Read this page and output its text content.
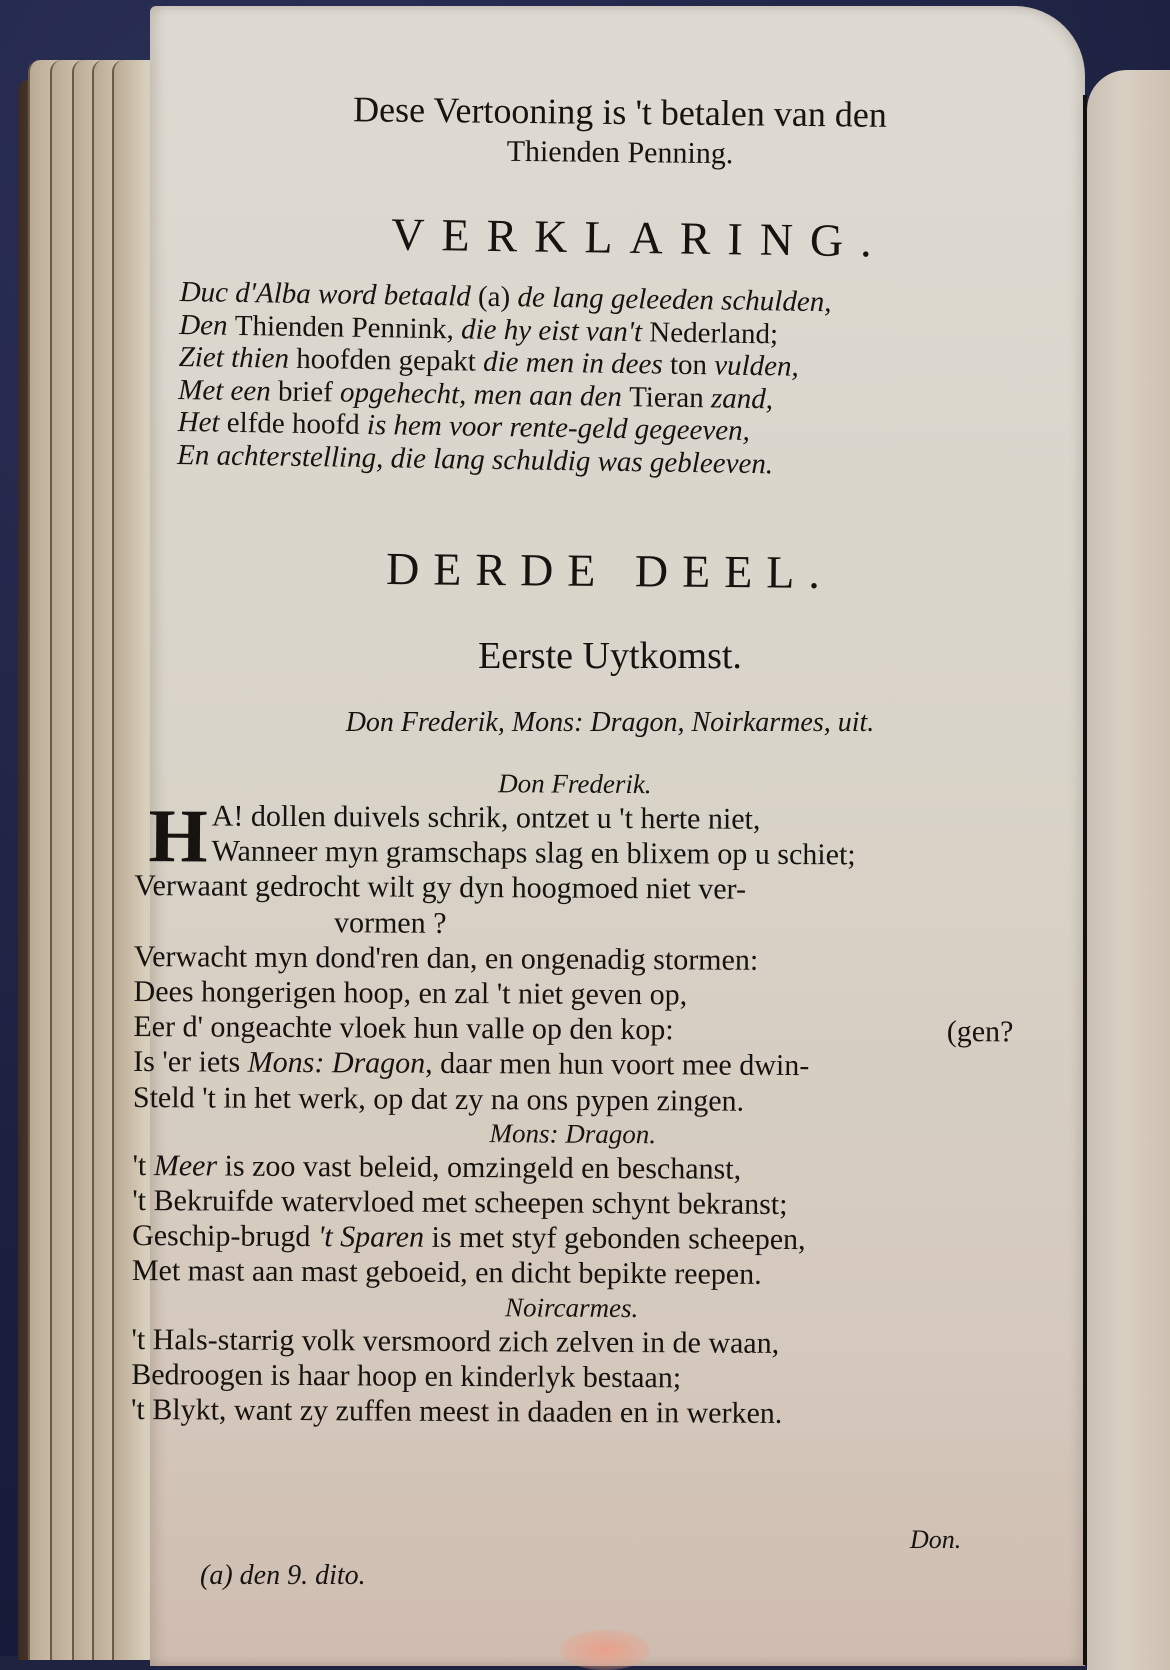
Dese Vertooning is 't betalen van den
Thienden Penning.
VERKLARING.
Duc d'Alba word betaald (a) de lang geleeden schulden,
Den Thienden Pennink, die hy eist van't Nederland;
Ziet thien hoofden gepakt die men in dees ton vulden,
Met een brief opgehecht, men aan den Tieran zand,
Het elfde hoofd is hem voor rente-geld gegeeven,
En achterstelling, die lang schuldig was gebleeven.
DERDE DEEL.
Eerste Uytkomst.
Don Frederik, Mons: Dragon, Noirkarmes, uit.
Don Frederik.
H A! dollen duivels schrik, ontzet u 't herte niet,
Wanneer myn gramschaps slag en blixem op u schiet;
Verwaant gedrocht wilt gy dyn hoogmoed niet ver-
vormen ?
Verwacht myn dond'ren dan, en ongenadig stormen:
Dees hongerigen hoop, en zal 't niet geven op,
Eer d' ongeachte vloek hun valle op den kop:	(gen?
Is 'er iets Mons: Dragon, daar men hun voort mee dwin-
Steld 't in het werk, op dat zy na ons pypen zingen.
Mons: Dragon.
't Meer is zoo vast beleid, omzingeld en beschanst,
't Bekruifde watervloed met scheepen schynt bekranst;
Geschip-brugd 't Sparen is met styf gebonden scheepen,
Met mast aan mast geboeid, en dicht bepikte reepen.
Noircarmes.
't Hals-starrig volk versmoord zich zelven in de waan,
Bedroogen is haar hoop en kinderlyk bestaan;
't Blykt, want zy zuffen meest in daaden en in werken.
Don.
(a) den 9. dito.
